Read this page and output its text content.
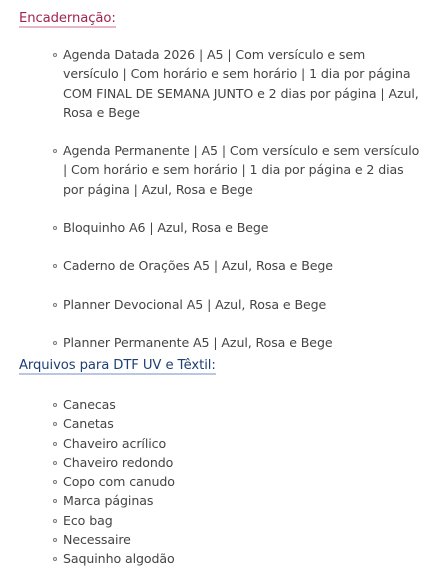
Encadernação:
Agenda Datada 2026 | A5 | Com versículo e sem versículo | Com horário e sem horário | 1 dia por página COM FINAL DE SEMANA JUNTO e 2 dias por página | Azul, Rosa e Bege
Agenda Permanente | A5 | Com versículo e sem versículo | Com horário e sem horário | 1 dia por página e 2 dias por página | Azul, Rosa e Bege
Bloquinho A6 | Azul, Rosa e Bege
Caderno de Orações A5 | Azul, Rosa e Bege
Planner Devocional A5 | Azul, Rosa e Bege
Planner Permanente A5 | Azul, Rosa e Bege
Arquivos para DTF UV e Têxtil:
Canecas
Canetas
Chaveiro acrílico
Chaveiro redondo
Copo com canudo
Marca páginas
Eco bag
Necessaire
Saquinho algodão
